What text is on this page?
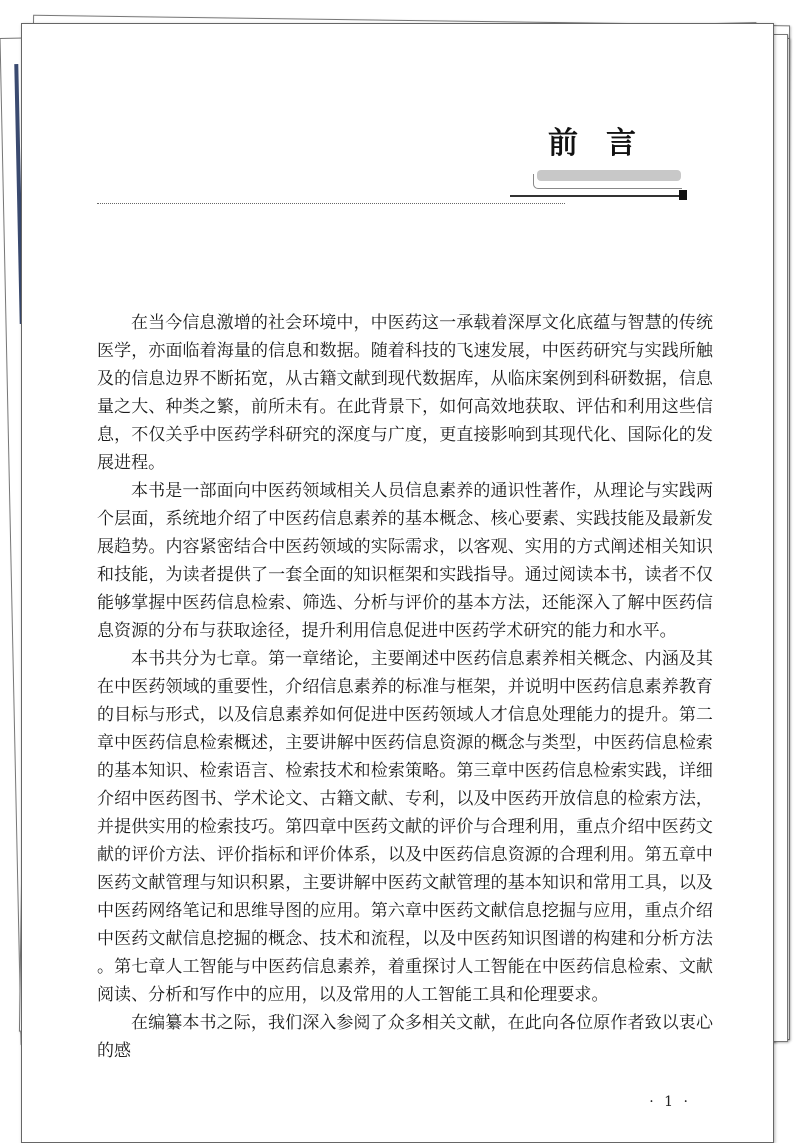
前言

在当今信息激增的社会环境中，中医药这一承载着深厚文化底蕴与智慧的传统医学，亦面临着海量的信息和数据。随着科技的飞速发展，中医药研究与实践所触及的信息边界不断拓宽，从古籍文献到现代数据库，从临床案例到科研数据，信息量之大、种类之繁，前所未有。在此背景下，如何高效地获取、评估和利用这些信息，不仅关乎中医药学科研究的深度与广度，更直接影响到其现代化、国际化的发展进程。

本书是一部面向中医药领域相关人员信息素养的通识性著作，从理论与实践两个层面，系统地介绍了中医药信息素养的基本概念、核心要素、实践技能及最新发展趋势。内容紧密结合中医药领域的实际需求，以客观、实用的方式阐述相关知识和技能，为读者提供了一套全面的知识框架和实践指导。通过阅读本书，读者不仅能够掌握中医药信息检索、筛选、分析与评价的基本方法，还能深入了解中医药信息资源的分布与获取途径，提升利用信息促进中医药学术研究的能力和水平。

本书共分为七章。第一章绪论，主要阐述中医药信息素养相关概念、内涵及其在中医药领域的重要性，介绍信息素养的标准与框架，并说明中医药信息素养教育的目标与形式，以及信息素养如何促进中医药领域人才信息处理能力的提升。第二章中医药信息检索概述，主要讲解中医药信息资源的概念与类型，中医药信息检索的基本知识、检索语言、检索技术和检索策略。第三章中医药信息检索实践，详细介绍中医药图书、学术论文、古籍文献、专利，以及中医药开放信息的检索方法，并提供实用的检索技巧。第四章中医药文献的评价与合理利用，重点介绍中医药文献的评价方法、评价指标和评价体系，以及中医药信息资源的合理利用。第五章中医药文献管理与知识积累，主要讲解中医药文献管理的基本知识和常用工具，以及中医药网络笔记和思维导图的应用。第六章中医药文献信息挖掘与应用，重点介绍中医药文献信息挖掘的概念、技术和流程，以及中医药知识图谱的构建和分析方法。第七章人工智能与中医药信息素养，着重探讨人工智能在中医药信息检索、文献阅读、分析和写作中的应用，以及常用的人工智能工具和伦理要求。

在编纂本书之际，我们深入参阅了众多相关文献，在此向各位原作者致以衷心的感

· 1 ·
